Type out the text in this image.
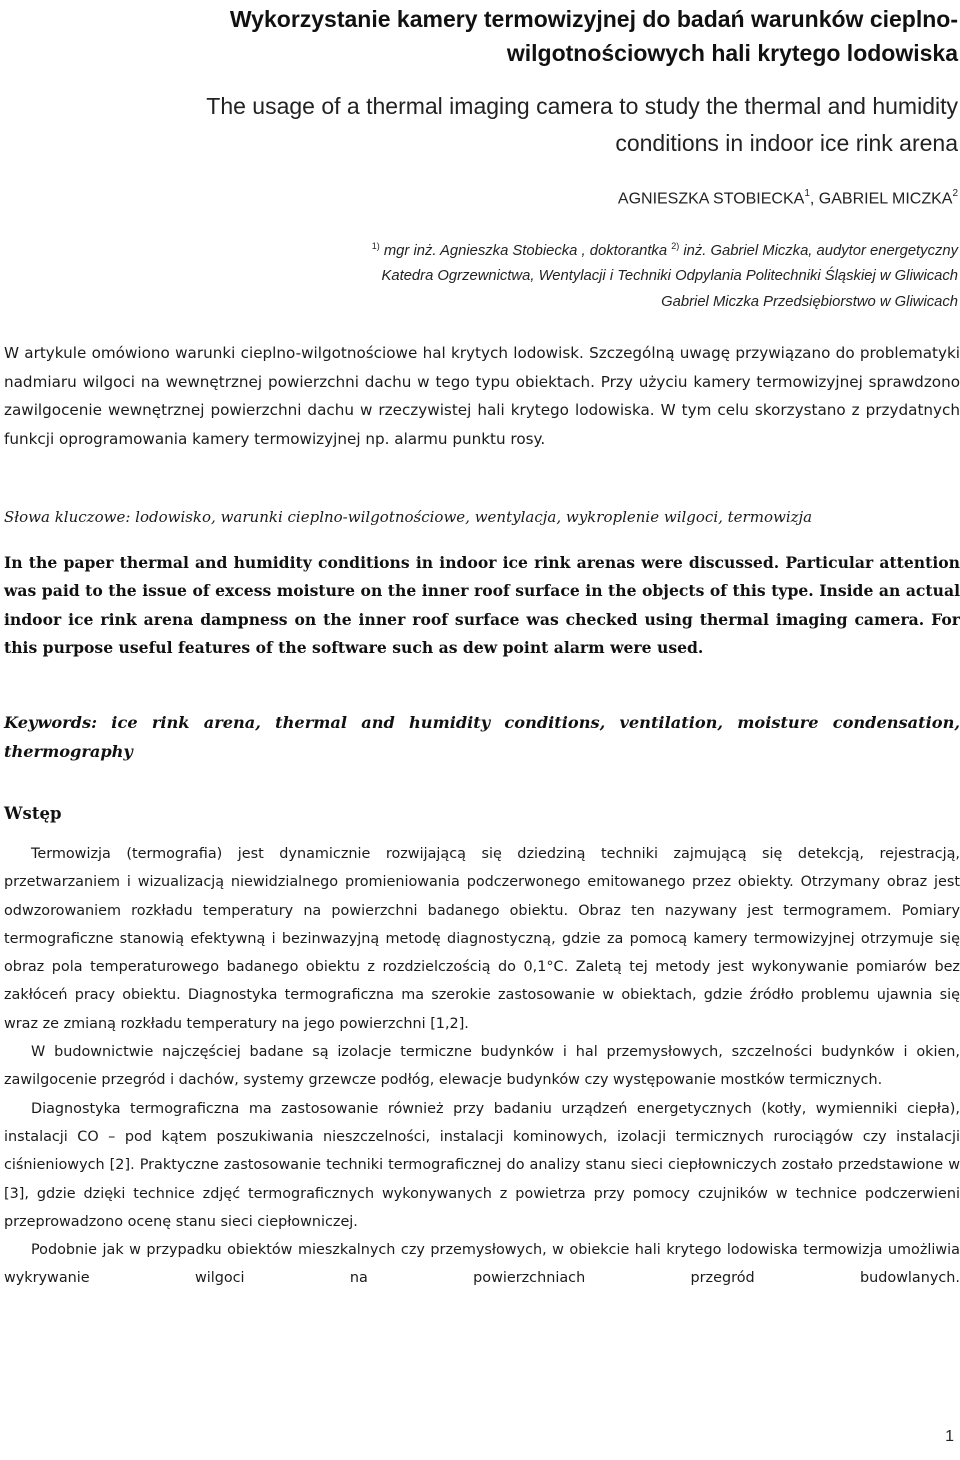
Wykorzystanie kamery termowizyjnej do badań warunków cieplno-
wilgotnościowych hali krytego lodowiska
The usage of a thermal imaging camera to study the thermal and humidity
conditions in indoor ice rink arena
AGNIESZKA STOBIECKA$^1$, GABRIEL MICZKA$^2$
$^{1)}$ mgr inż. Agnieszka Stobiecka , doktorantka $^{2)}$ inż. Gabriel Miczka, audytor energetyczny
Katedra Ogrzewnictwa, Wentylacji i Techniki Odpylania Politechniki Śląskiej w Gliwicach
Gabriel Miczka Przedsiębiorstwo w Gliwicach
W artykule omówiono warunki cieplno-wilgotnościowe hal krytych lodowisk. Szczególną uwagę przywiązano do problematyki nadmiaru wilgoci na wewnętrznej powierzchni dachu w tego typu obiektach. Przy użyciu kamery termowizyjnej sprawdzono zawilgocenie wewnętrznej powierzchni dachu w rzeczywistej hali krytego lodowiska. W tym celu skorzystano z przydatnych funkcji oprogramowania kamery termowizyjnej np. alarmu punktu rosy.
Słowa kluczowe: lodowisko, warunki cieplno-wilgotnościowe, wentylacja, wykroplenie wilgoci, termowizja
In the paper thermal and humidity conditions in indoor ice rink arenas were discussed. Particular attention was paid to the issue of excess moisture on the inner roof surface in the objects of this type. Inside an actual indoor ice rink arena dampness on the inner roof surface was checked using thermal imaging camera. For this purpose useful features of the software such as dew point alarm were used.
Keywords: ice rink arena, thermal and humidity conditions, ventilation, moisture condensation, thermography
Wstęp

Termowizja (termografia) jest dynamicznie rozwijającą się dziedziną techniki zajmującą się detekcją, rejestracją, przetwarzaniem i wizualizacją niewidzialnego promieniowania podczerwonego emitowanego przez obiekty. Otrzymany obraz jest odwzorowaniem rozkładu temperatury na powierzchni badanego obiektu. Obraz ten nazywany jest termogramem. Pomiary termograficzne stanowią efektywną i bezinwazyjną metodę diagnostyczną, gdzie za pomocą kamery termowizyjnej otrzymuje się obraz pola temperaturowego badanego obiektu z rozdzielczością do 0,1°C. Zaletą tej metody jest wykonywanie pomiarów bez zakłóceń pracy obiektu. Diagnostyka termograficzna ma szerokie zastosowanie w obiektach, gdzie źródło problemu ujawnia się wraz ze zmianą rozkładu temperatury na jego powierzchni [1,2].

W budownictwie najczęściej badane są izolacje termiczne budynków i hal przemysłowych, szczelności budynków i okien, zawilgocenie przegród i dachów, systemy grzewcze podłóg, elewacje budynków czy występowanie mostków termicznych.

Diagnostyka termograficzna ma zastosowanie również przy badaniu urządzeń energetycznych (kotły, wymienniki ciepła), instalacji CO – pod kątem poszukiwania nieszczelności, instalacji kominowych, izolacji termicznych rurociągów czy instalacji ciśnieniowych [2]. Praktyczne zastosowanie techniki termograficznej do analizy stanu sieci ciepłowniczych zostało przedstawione w [3], gdzie dzięki technice zdjęć termograficznych wykonywanych z powietrza przy pomocy czujników w technice podczerwieni przeprowadzono ocenę stanu sieci ciepłowniczej.

Podobnie jak w przypadku obiektów mieszkalnych czy przemysłowych, w obiekcie hali krytego lodowiska termowizja umożliwia wykrywanie wilgoci na powierzchniach przegród budowlanych.

1
